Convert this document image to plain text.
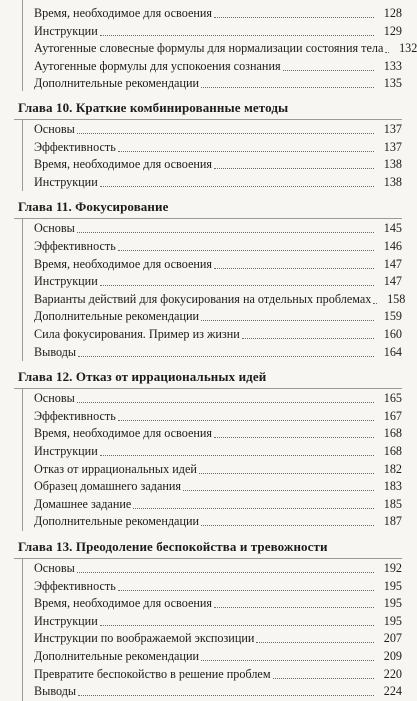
Время, необходимое для освоения	128
Инструкции	129
Аутогенные словесные формулы для нормализации состояния тела	132
Аутогенные формулы для успокоения сознания	133
Дополнительные рекомендации	135
Глава 10. Краткие комбинированные методы
Основы	137
Эффективность	137
Время, необходимое для освоения	138
Инструкции	138
Глава 11. Фокусирование
Основы	145
Эффективность	146
Время, необходимое для освоения	147
Инструкции	147
Варианты действий для фокусирования на отдельных проблемах	158
Дополнительные рекомендации	159
Сила фокусирования. Пример из жизни	160
Выводы	164
Глава 12. Отказ от иррациональных идей
Основы	165
Эффективность	167
Время, необходимое для освоения	168
Инструкции	168
Отказ от иррациональных идей	182
Образец домашнего задания	183
Домашнее задание	185
Дополнительные рекомендации	187
Глава 13. Преодоление беспокойства и тревожности
Основы	192
Эффективность	195
Время, необходимое для освоения	195
Инструкции	195
Инструкции по воображаемой экспозиции	207
Дополнительные рекомендации	209
Превратите беспокойство в решение проблем	220
Выводы	224
